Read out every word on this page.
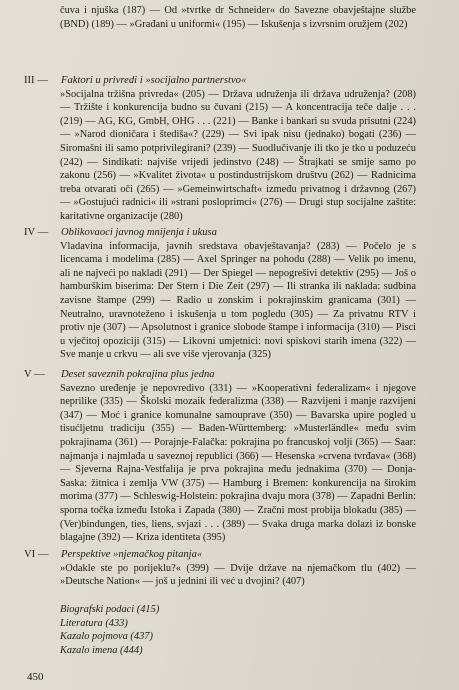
čuva i njuška (187) — Od »tvrtke dr Schneider« do Savezne obavještajne službe (BND) (189) — »Građani u uniformi« (195) — Iskušenja s izvrsnim oružjem (202)

III —	Faktori u privredi i »socijalno partnerstvo«

»Socijalna tržišna privreda« (205) — Država udruženja ili država udruženja? (208) — Tržište i konkurencija budno su čuvani (215) — A koncentracija teče dalje . . . (219) — AG, KG, GmbH, OHG . . . (221) — Banke i bankari su svuda prisutni (224) — »Narod dioničara i štediša«? (229) — Svi ipak nisu (jednako) bogati (236) — Siromašni ili samo potprivilegirani? (239) — Suodlučivanje ili tko je tko u poduzeću (242) — Sindikati: najviše vrijedi jedinstvo (248) — Štrajkati se smije samo po zakonu (256) — »Kvalitet života« u postindustrijskom društvu (262) — Radnicima treba otvarati oči (265) — »Gemeinwirtschaft« između privatnog i državnog (267) — »Gostujući radnici« ili »strani posloprimci« (276) — Drugi stup socijalne zaštite: karitativne organizacije (280)

IV —	Oblikovaoci javnog mnijenja i ukusa

Vladavina informacija, javnih sredstava obavještavanja? (283) — Počelo je s licencama i modelima (285) — Axel Springer na pohodu (288) — Velik po imenu, ali ne najveći po nakladi (291) — Der Spiegel — nepogrešivi detektiv (295) — Još o hamburškim biserima: Der Stern i Die Zeit (297) — Ili stranka ili naklada: sudbina zavisne štampe (299) — Radio u zonskim i pokrajinskim granicama (301) — Neutralno, uravnoteženo i iskušenja u tom pogledu (305) — Za privatnu RTV i protiv nje (307) — Apsolutnost i granice slobode štampe i informacija (310) — Pisci u vječitoj opoziciji (315) — Likovni umjetnici: novi spiskovi starih imena (322) — Sve manje u crkvu — ali sve više vjerovanja (325)

V —	Deset saveznih pokrajina plus jedna

Savezno uređenje je nepovredivo (331) — »Kooperativni federalizam« i njegove neprilike (335) — Školski mozaik federalizma (338) — Razvijeni i manje razvijeni (347) — Moć i granice komunalne samouprave (350) — Bavarska upire pogled u tisućljetnu tradiciju (355) — Baden-Württemberg: »Musterländle« među svim pokrajinama (361) — Porajnje-Falačka: pokrajina po francuskoj volji (365) — Saar: najmanja i najmlađa u saveznoj republici (366) — Hesenska »crvena tvrđava« (368) — Sjeverna Rajna-Vestfalija je prva pokrajina među jednakima (370) — Donja-Saska: žitnica i zemlja VW (375) — Hamburg i Bremen: konkurencija na širokim morima (377) — Schleswig-Holstein: pokrajina dvaju mora (378) — Zapadni Berlin: sporna točka između Istoka i Zapada (380) — Zračni most probija blokadu (385) — (Ver)bindungen, ties, liens, svjazi . . . (389) — Svaka druga marka dolazi iz bonske blagajne (392) — Kriza identiteta (395)

VI —	Perspektive »njemačkog pitanja«

»Odakle ste po porijeklu?« (399) — Dvije države na njemačkom tlu (402) — »Deutsche Nation« — još u jednini ili već u dvojini? (407)

Biografski podaci (415)
Literatura (433)
Kazalo pojmova (437)
Kazalo imena (444)
450
